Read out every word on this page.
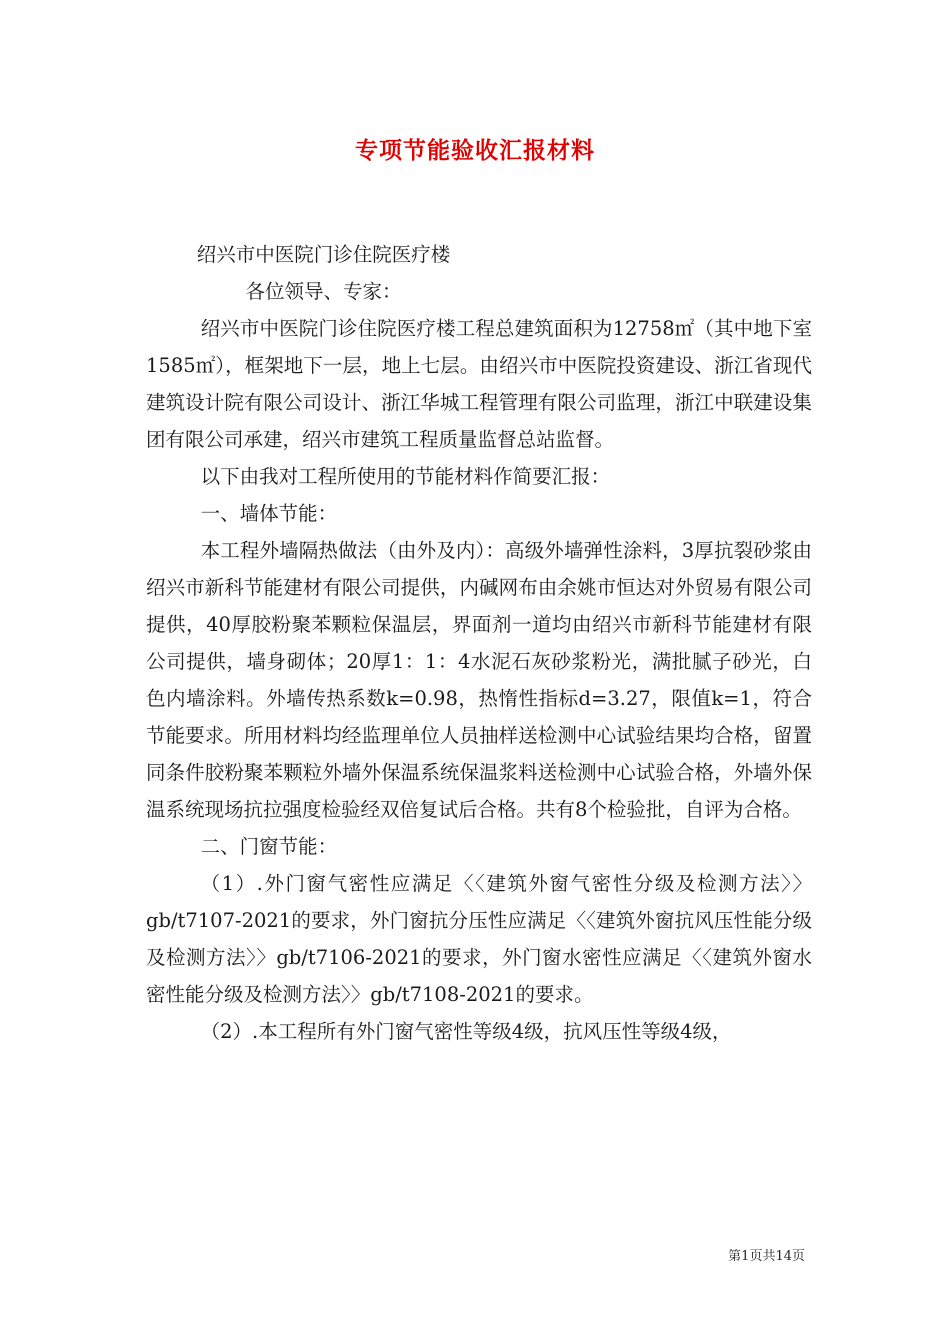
专项节能验收汇报材料

绍兴市中医院门诊住院医疗楼

各位领导、专家：

绍兴市中医院门诊住院医疗楼工程总建筑面积为12758㎡（其中地下室1585㎡），框架地下一层，地上七层。由绍兴市中医院投资建设、浙江省现代建筑设计院有限公司设计、浙江华城工程管理有限公司监理，浙江中联建设集团有限公司承建，绍兴市建筑工程质量监督总站监督。

以下由我对工程所使用的节能材料作简要汇报：

一、墙体节能：

本工程外墙隔热做法（由外及内）：高级外墙弹性涂料，3厚抗裂砂浆由绍兴市新科节能建材有限公司提供，内碱网布由余姚市恒达对外贸易有限公司提供，40厚胶粉聚苯颗粒保温层，界面剂一道均由绍兴市新科节能建材有限公司提供，墙身砌体；20厚1：1：4水泥石灰砂浆粉光，满批腻子砂光，白色内墙涂料。外墙传热系数k=0.98，热惰性指标d=3.27，限值k=1，符合节能要求。所用材料均经监理单位人员抽样送检测中心试验结果均合格，留置同条件胶粉聚苯颗粒外墙外保温系统保温浆料送检测中心试验合格，外墙外保温系统现场抗拉强度检验经双倍复试后合格。共有8个检验批，自评为合格。

二、门窗节能：

（1）.外门窗气密性应满足〈〈建筑外窗气密性分级及检测方法〉〉gb/t7107-2021的要求，外门窗抗分压性应满足〈〈建筑外窗抗风压性能分级及检测方法〉〉gb/t7106-2021的要求，外门窗水密性应满足〈〈建筑外窗水密性能分级及检测方法〉〉gb/t7108-2021的要求。

（2）.本工程所有外门窗气密性等级4级，抗风压性等级4级，

第1页共14页
